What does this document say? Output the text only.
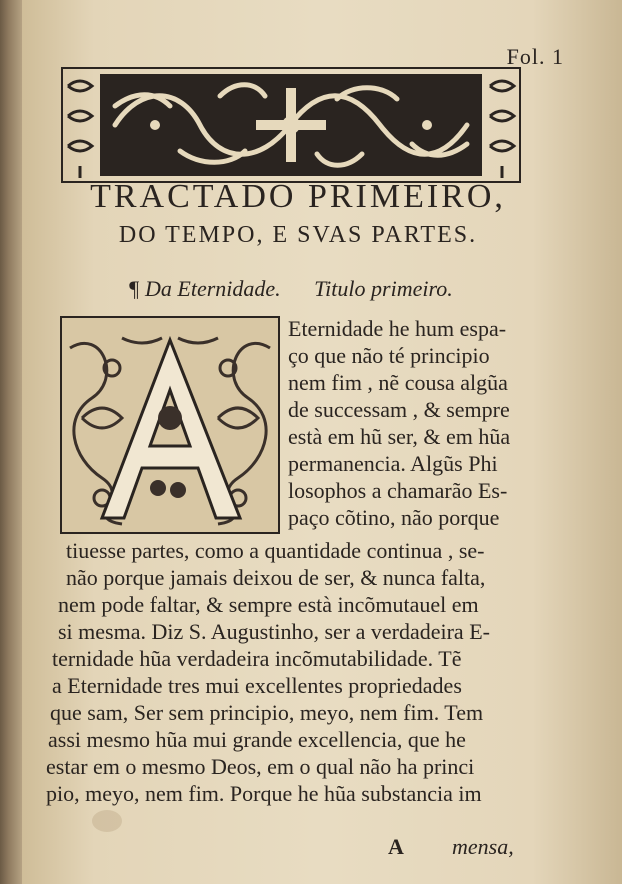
Fol. 1
TRACTADO PRIMEIRO,
DO TEMPO, E SVAS PARTES.
¶ Da Eternidade. Titulo primeiro.
Eternidade he hum espa-
ço que não té principio
nem fim , nẽ cousa algũa
de successam , & sempre
està em hũ ser, & em hũa
permanencia. Algũs Phi
losophos a chamarão Es-
paço cõtino, não porque
tiuesse partes, como a quantidade continua , se-
não porque jamais deixou de ser, & nunca falta,
nem pode faltar, & sempre està incõmutauel em
si mesma. Diz S. Augustinho, ser a verdadeira E-
ternidade hũa verdadeira incõmutabilidade. Tẽ
a Eternidade tres mui excellentes propriedades
que sam, Ser sem principio, meyo, nem fim. Tem
assi mesmo hũa mui grande excellencia, que he
estar em o mesmo Deos, em o qual não ha princi
pio, meyo, nem fim. Porque he hũa substancia im
A mensa,
